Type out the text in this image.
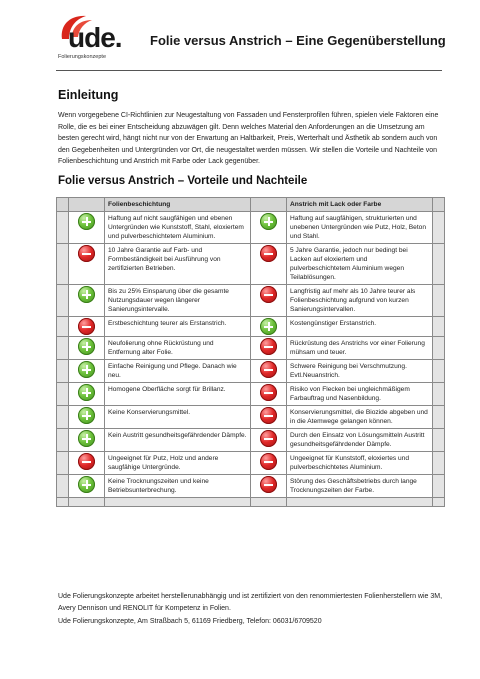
ude.
Folierungskonzepte
Folie versus Anstrich – Eine Gegenüberstellung
Einleitung
Wenn vorgegebene CI-Richtlinien zur Neugestaltung von Fassaden und Fensterprofilen führen, spielen viele Faktoren eine Rolle, die es bei einer Entscheidung abzuwägen gilt. Denn welches Material den Anforderungen an die Umsetzung am besten gerecht wird, hängt nicht nur von der Erwartung an Haltbarkeit, Preis, Werterhalt und Ästhetik ab sondern auch von den Gegebenheiten und Untergründen vor Ort, die neugestaltet werden müssen. Wir stellen die Vorteile und Nachteile von Folienbeschichtung und Anstrich mit Farbe oder Lack gegenüber.
Folie versus Anstrich – Vorteile und Nachteile
		Folienbeschichtung		Anstrich mit Lack oder Farbe	
		Haftung auf nicht saugfähigen und ebenen Untergründen wie Kunststoff, Stahl, eloxiertem und pulverbeschichtetem Aluminium.		Haftung auf saugfähigen, strukturierten und unebenen Untergründen wie Putz, Holz, Beton und Stahl.	
		10 Jahre Garantie auf Farb- und Formbeständigkeit bei Ausführung von zertifizierten Betrieben.		5 Jahre Garantie, jedoch nur bedingt bei Lacken auf eloxiertem und pulverbeschichtetem Aluminium wegen Teilablösungen.	
		Bis zu 25% Einsparung über die gesamte Nutzungsdauer wegen längerer Sanierungsintervalle.		Langfristig auf mehr als 10 Jahre teurer als Folienbeschichtung aufgrund von kurzen Sanierungsintervallen.	
		Erstbeschichtung teurer als Erstanstrich.		Kostengünstiger Erstanstrich.	
		Neufolierung ohne Rückrüstung und Entfernung alter Folie.		Rückrüstung des Anstrichs vor einer Folierung mühsam und teuer.	
		Einfache Reinigung und Pflege. Danach wie neu.		Schwere Reinigung bei Verschmutzung. Evtl.Neuanstrich.	
		Homogene Oberfläche sorgt für Brillanz.		Risiko von Flecken bei ungleichmäßigem Farbauftrag und Nasenbildung.	
		Keine Konservierungsmittel.		Konservierungsmittel, die Biozide abgeben und in die Atemwege gelangen können.	
		Kein Austritt gesundheitsgefährdender Dämpfe.		Durch den Einsatz von Lösungsmitteln Austritt gesundheitsgefährdender Dämpfe.	
		Ungeeignet für Putz, Holz und andere saugfähige Untergründe.		Ungeeignet für Kunststoff, eloxiertes und pulverbeschichtetes Aluminium.	
		Keine Trocknungszeiten und keine Betriebsunterbrechung.		Störung des Geschäftsbetriebs durch lange Trocknungszeiten der Farbe.	

Ude Folierungskonzepte arbeitet herstellerunabhängig und ist zertifiziert von den renommiertesten Folienherstellern wie 3M, Avery Dennison und RENOLIT für Kompetenz in Folien.
Ude Folierungskonzepte, Am Straßbach 5, 61169 Friedberg, Telefon: 06031/6709520
